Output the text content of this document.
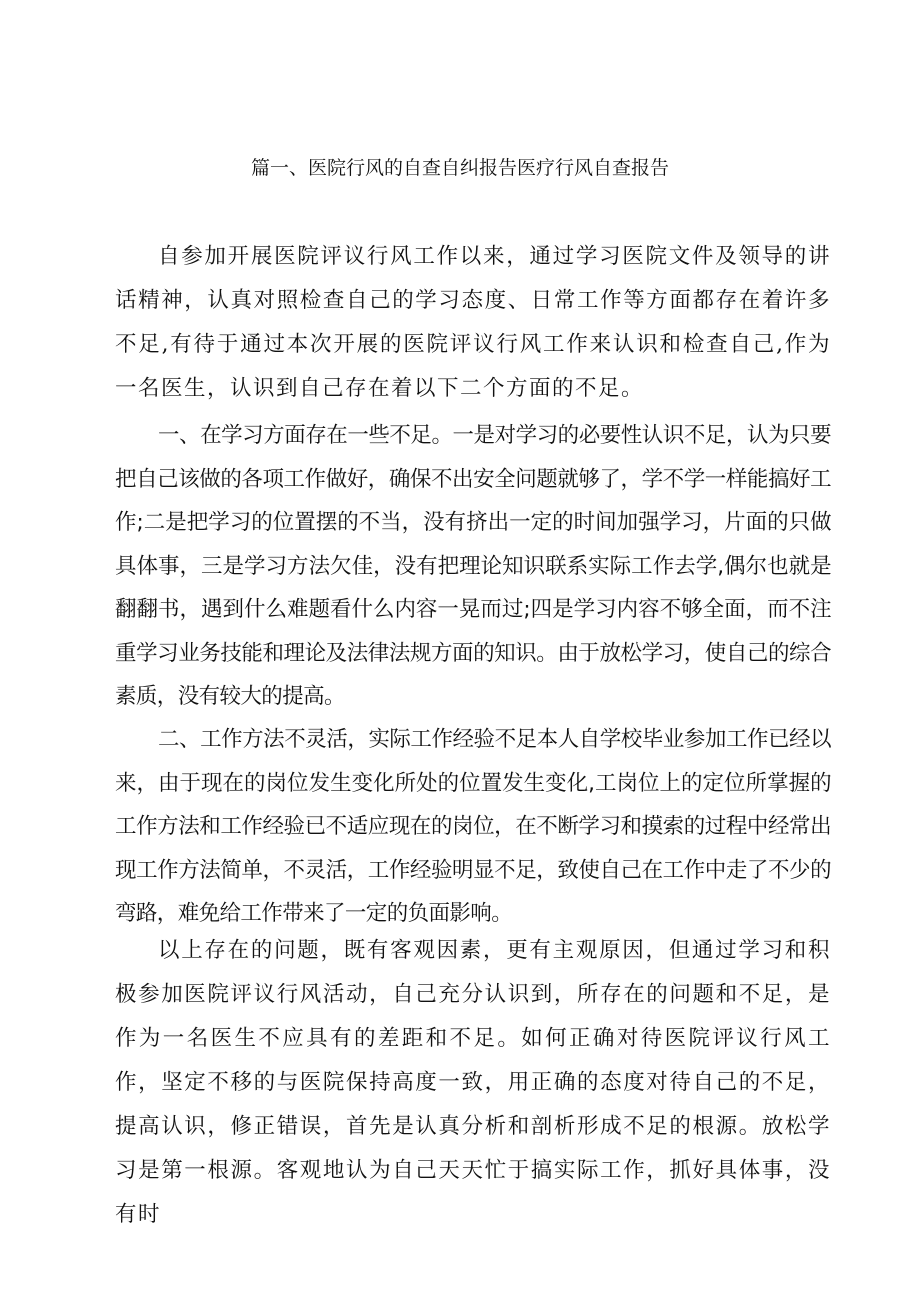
篇一、医院行风的自查自纠报告医疗行风自查报告

自参加开展医院评议行风工作以来，通过学习医院文件及领导的讲话精神，认真对照检查自己的学习态度、日常工作等方面都存在着许多不足,有待于通过本次开展的医院评议行风工作来认识和检查自己,作为一名医生，认识到自己存在着以下二个方面的不足。

一、在学习方面存在一些不足。一是对学习的必要性认识不足，认为只要把自己该做的各项工作做好，确保不出安全问题就够了，学不学一样能搞好工作;二是把学习的位置摆的不当，没有挤出一定的时间加强学习，片面的只做具体事，三是学习方法欠佳，没有把理论知识联系实际工作去学,偶尔也就是翻翻书，遇到什么难题看什么内容一晃而过;四是学习内容不够全面，而不注重学习业务技能和理论及法律法规方面的知识。由于放松学习，使自己的综合素质，没有较大的提高。

二、工作方法不灵活，实际工作经验不足本人自学校毕业参加工作已经以来，由于现在的岗位发生变化所处的位置发生变化,工岗位上的定位所掌握的工作方法和工作经验已不适应现在的岗位，在不断学习和摸索的过程中经常出现工作方法简单，不灵活，工作经验明显不足，致使自己在工作中走了不少的弯路，难免给工作带来了一定的负面影响。

以上存在的问题，既有客观因素，更有主观原因，但通过学习和积极参加医院评议行风活动，自己充分认识到，所存在的问题和不足，是作为一名医生不应具有的差距和不足。如何正确对待医院评议行风工作，坚定不移的与医院保持高度一致，用正确的态度对待自己的不足，提高认识，修正错误，首先是认真分析和剖析形成不足的根源。放松学习是第一根源。客观地认为自己天天忙于搞实际工作，抓好具体事，没有时
